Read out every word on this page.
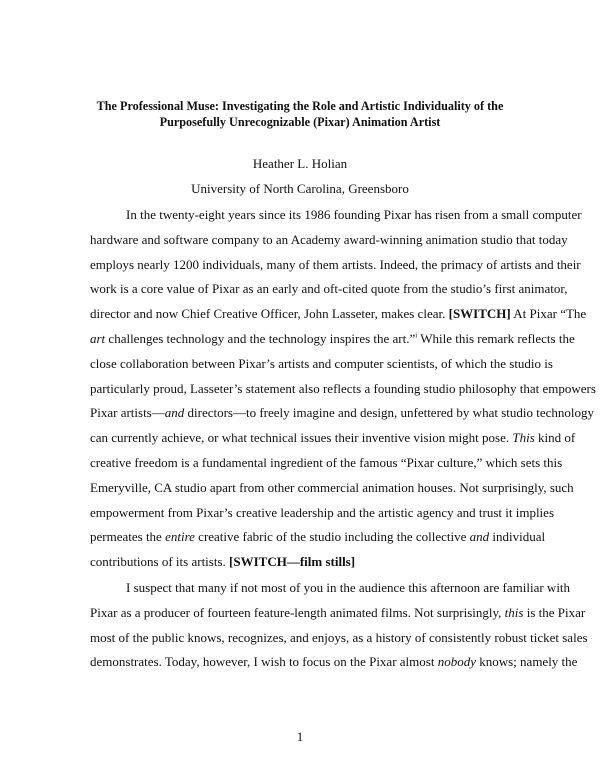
The Professional Muse: Investigating the Role and Artistic Individuality of the
Purposefully Unrecognizable (Pixar) Animation Artist
Heather L. Holian
University of North Carolina, Greensboro
In the twenty-eight years since its 1986 founding Pixar has risen from a small computer
hardware and software company to an Academy award-winning animation studio that today
employs nearly 1200 individuals, many of them artists. Indeed, the primacy of artists and their
work is a core value of Pixar as an early and oft-cited quote from the studio’s first animator,
director and now Chief Creative Officer, John Lasseter, makes clear. [SWITCH] At Pixar “The
art challenges technology and the technology inspires the art.”$^i$ While this remark reflects the
close collaboration between Pixar’s artists and computer scientists, of which the studio is
particularly proud, Lasseter’s statement also reflects a founding studio philosophy that empowers
Pixar artists—and directors—to freely imagine and design, unfettered by what studio technology
can currently achieve, or what technical issues their inventive vision might pose. This kind of
creative freedom is a fundamental ingredient of the famous “Pixar culture,” which sets this
Emeryville, CA studio apart from other commercial animation houses. Not surprisingly, such
empowerment from Pixar’s creative leadership and the artistic agency and trust it implies
permeates the entire creative fabric of the studio including the collective and individual
contributions of its artists. [SWITCH—film stills]
I suspect that many if not most of you in the audience this afternoon are familiar with
Pixar as a producer of fourteen feature-length animated films. Not surprisingly, this is the Pixar
most of the public knows, recognizes, and enjoys, as a history of consistently robust ticket sales
demonstrates. Today, however, I wish to focus on the Pixar almost nobody knows; namely the
1
